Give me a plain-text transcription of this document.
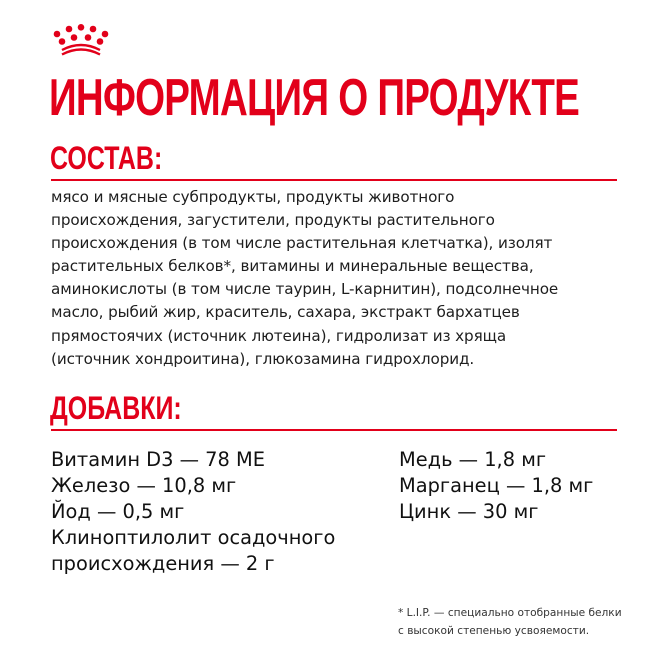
ИНФОРМАЦИЯ О ПРОДУКТЕ
СОСТАВ:
мясо и мясные субпродукты, продукты животного
происхождения, загустители, продукты растительного
происхождения (в том числе растительная клетчатка), изолят
растительных белков*, витамины и минеральные вещества,
аминокислоты (в том числе таурин, L-карнитин), подсолнечное
масло, рыбий жир, краситель, сахара, экстракт бархатцев
прямостоячих (источник лютеина), гидролизат из хряща
(источник хондроитина), глюкозамина гидрохлорид.
ДОБАВКИ:
Витамин D3 — 78 МЕ
Железо — 10,8 мг
Йод — 0,5 мг
Клиноптилолит осадочного
происхождения — 2 г
Медь — 1,8 мг
Марганец — 1,8 мг
Цинк — 30 мг
* L.I.P. — специально отобранные белки
с высокой степенью усвояемости.
